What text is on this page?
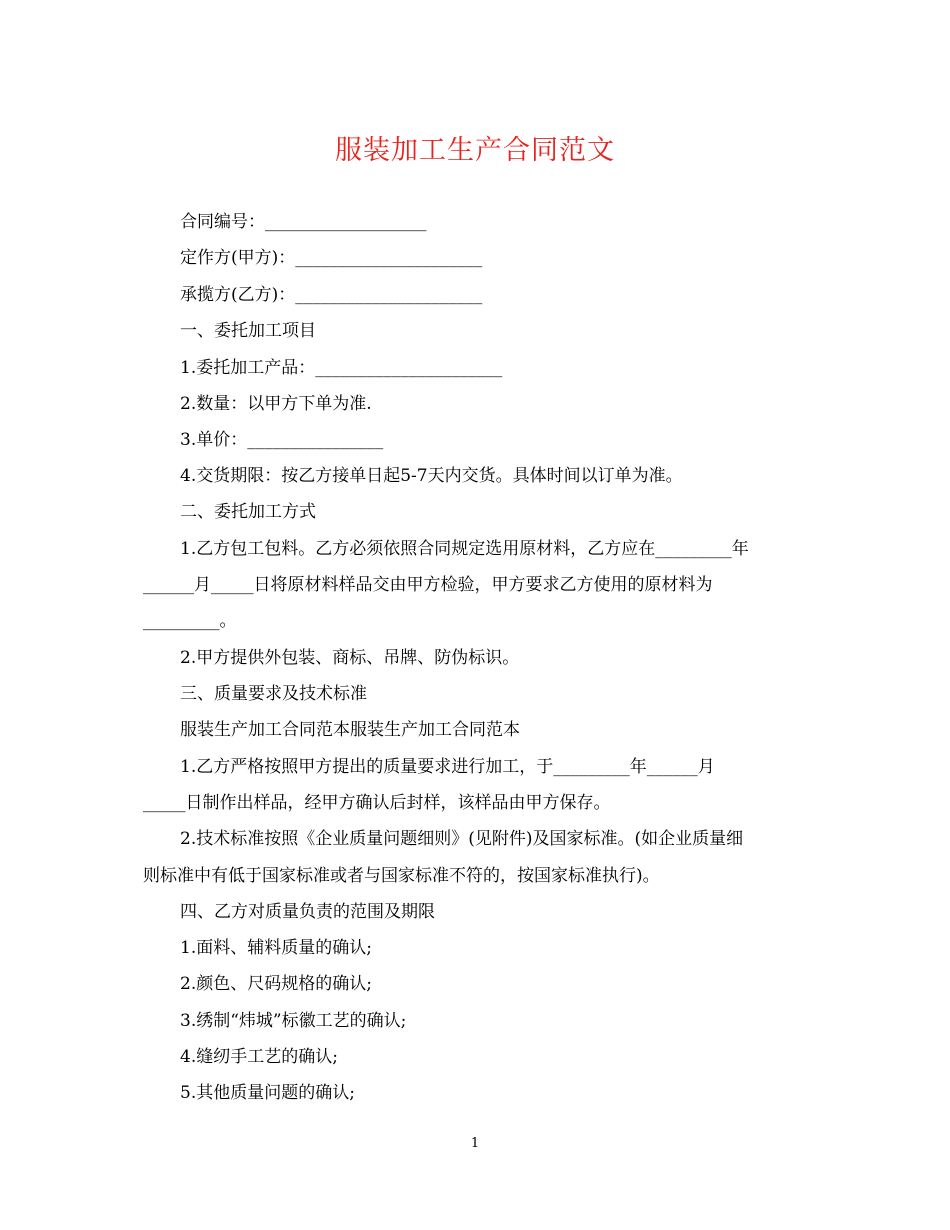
服装加工生产合同范文
合同编号：___________________
定作方(甲方)：______________________
承揽方(乙方)：______________________
一、委托加工项目
1.委托加工产品：______________________
2.数量：以甲方下单为准.
3.单价：________________
4.交货期限：按乙方接单日起5-7天内交货。具体时间以订单为准。
二、委托加工方式
1.乙方包工包料。乙方必须依照合同规定选用原材料，乙方应在_________年
______月_____日将原材料样品交由甲方检验，甲方要求乙方使用的原材料为
_________。
2.甲方提供外包装、商标、吊牌、防伪标识。
三、质量要求及技术标准
服装生产加工合同范本服装生产加工合同范本
1.乙方严格按照甲方提出的质量要求进行加工，于_________年______月
_____日制作出样品，经甲方确认后封样，该样品由甲方保存。
2.技术标准按照《企业质量问题细则》(见附件)及国家标准。(如企业质量细
则标准中有低于国家标准或者与国家标准不符的，按国家标准执行)。
四、乙方对质量负责的范围及期限
1.面料、辅料质量的确认;
2.颜色、尺码规格的确认;
3.绣制“炜城”标徽工艺的确认;
4.缝纫手工艺的确认;
5.其他质量问题的确认;
1
